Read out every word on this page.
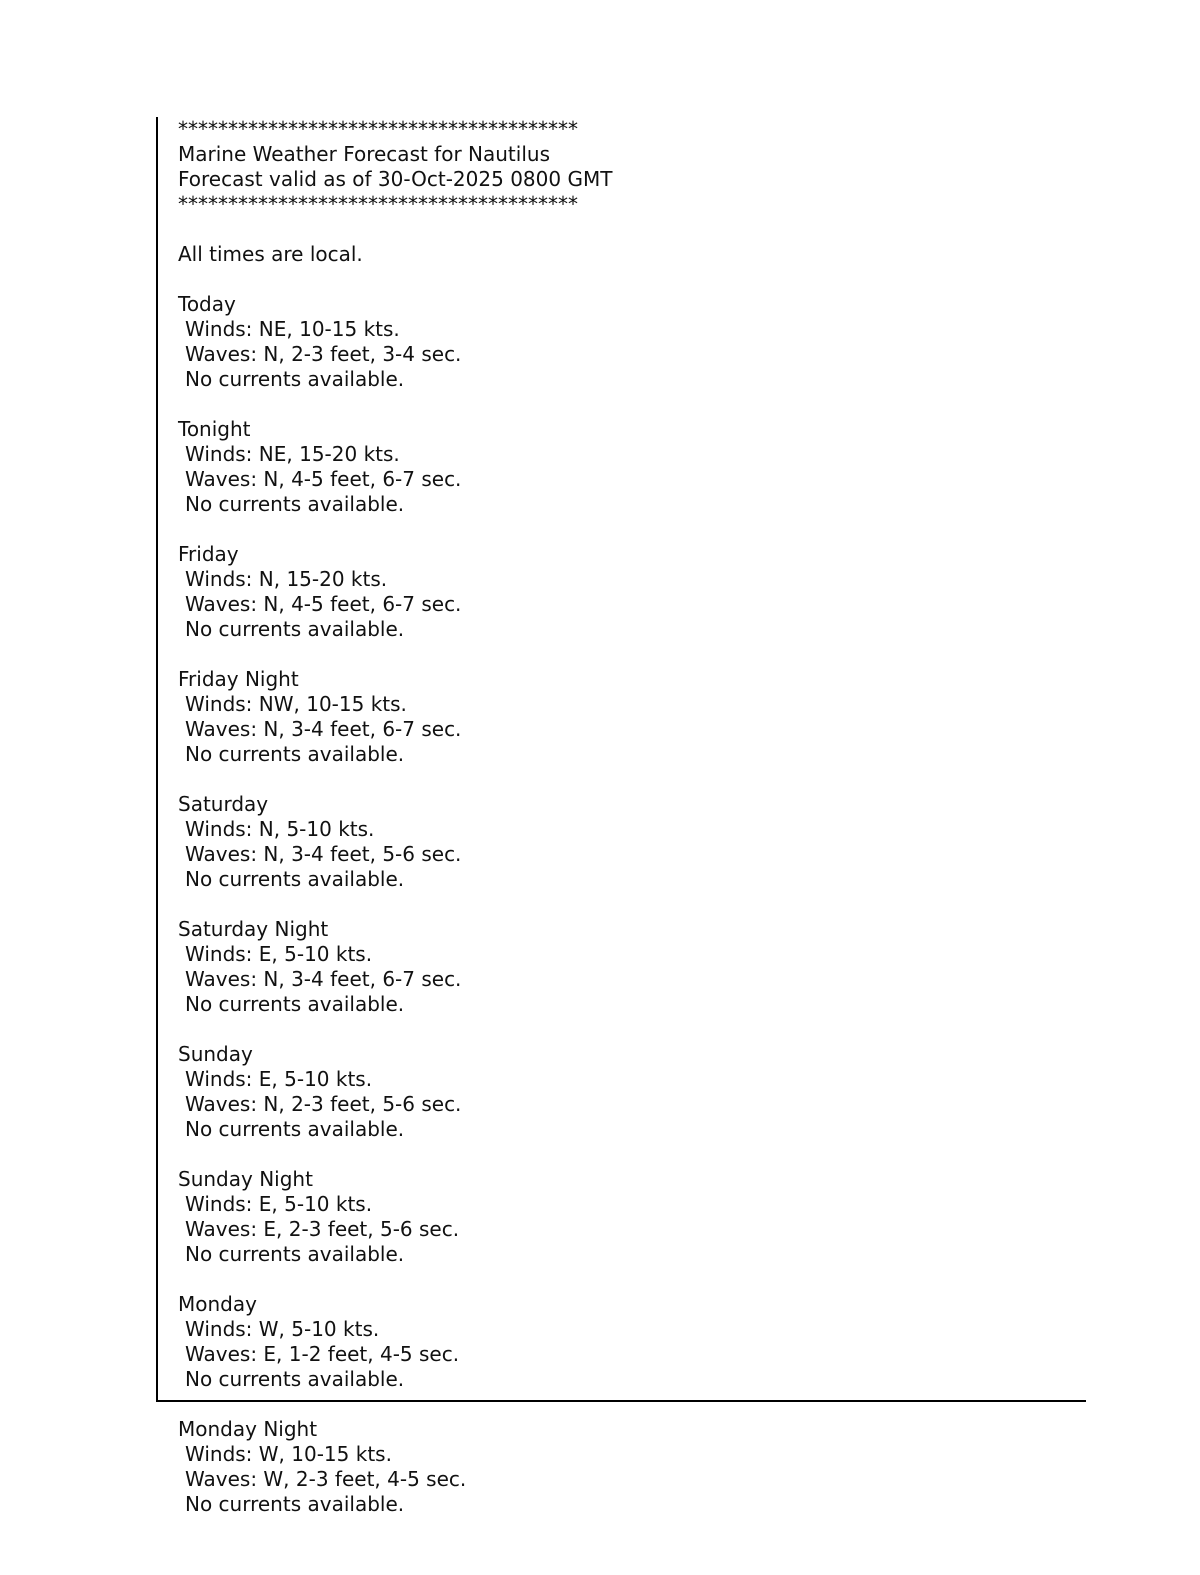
****************************************
Marine Weather Forecast for Nautilus
Forecast valid as of 30-Oct-2025 0800 GMT
****************************************
All times are local.
Today
Winds: NE, 10-15 kts.
Waves: N, 2-3 feet, 3-4 sec.
No currents available.
Tonight
Winds: NE, 15-20 kts.
Waves: N, 4-5 feet, 6-7 sec.
No currents available.
Friday
Winds: N, 15-20 kts.
Waves: N, 4-5 feet, 6-7 sec.
No currents available.
Friday Night
Winds: NW, 10-15 kts.
Waves: N, 3-4 feet, 6-7 sec.
No currents available.
Saturday
Winds: N, 5-10 kts.
Waves: N, 3-4 feet, 5-6 sec.
No currents available.
Saturday Night
Winds: E, 5-10 kts.
Waves: N, 3-4 feet, 6-7 sec.
No currents available.
Sunday
Winds: E, 5-10 kts.
Waves: N, 2-3 feet, 5-6 sec.
No currents available.
Sunday Night
Winds: E, 5-10 kts.
Waves: E, 2-3 feet, 5-6 sec.
No currents available.
Monday
Winds: W, 5-10 kts.
Waves: E, 1-2 feet, 4-5 sec.
No currents available.
Monday Night
Winds: W, 10-15 kts.
Waves: W, 2-3 feet, 4-5 sec.
No currents available.
